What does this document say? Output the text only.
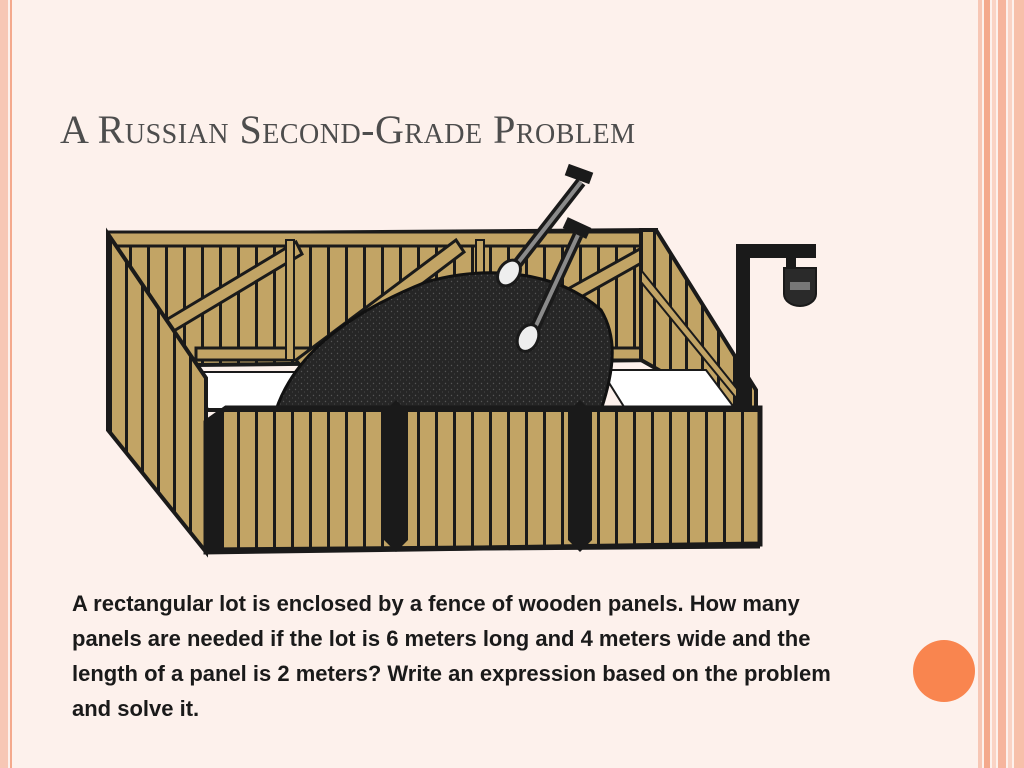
A Russian Second-Grade Problem
A rectangular lot is enclosed by a fence of wooden panels. How many panels are needed if the lot is 6 meters long and 4 meters wide and the length of a panel is 2 meters? Write an expression based on the problem and solve it.
